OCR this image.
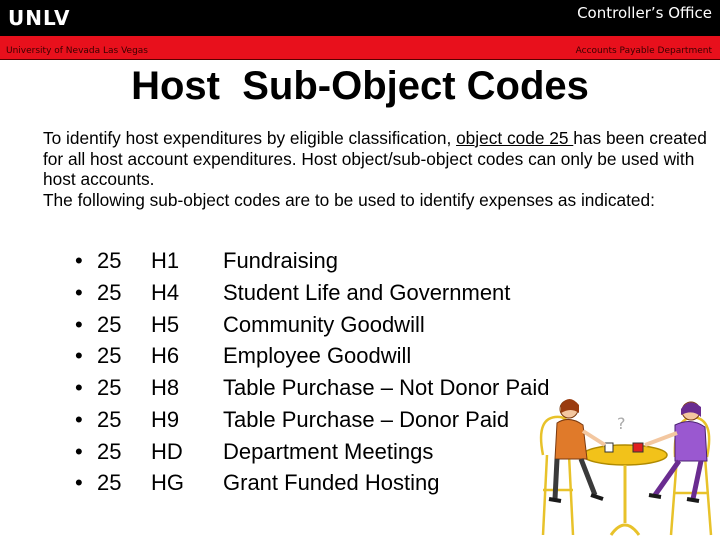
UNLV	Controller’s Office
University of Nevada Las Vegas	Accounts Payable Department
Host  Sub-Object Codes

To identify host expenditures by eligible classification, object code 25 has been created for all host account expenditures. Host object/sub-object codes can only be used with host accounts.

The following sub-object codes are to be used to identify expenses as indicated:

• 25 H1 Fundraising
• 25 H4 Student Life and Government
• 25 H5 Community Goodwill
• 25 H6 Employee Goodwill
• 25 H8 Table Purchase – Not Donor Paid
• 25 H9 Table Purchase – Donor Paid
• 25 HD Department Meetings
• 25 HG Grant Funded Hosting
?
